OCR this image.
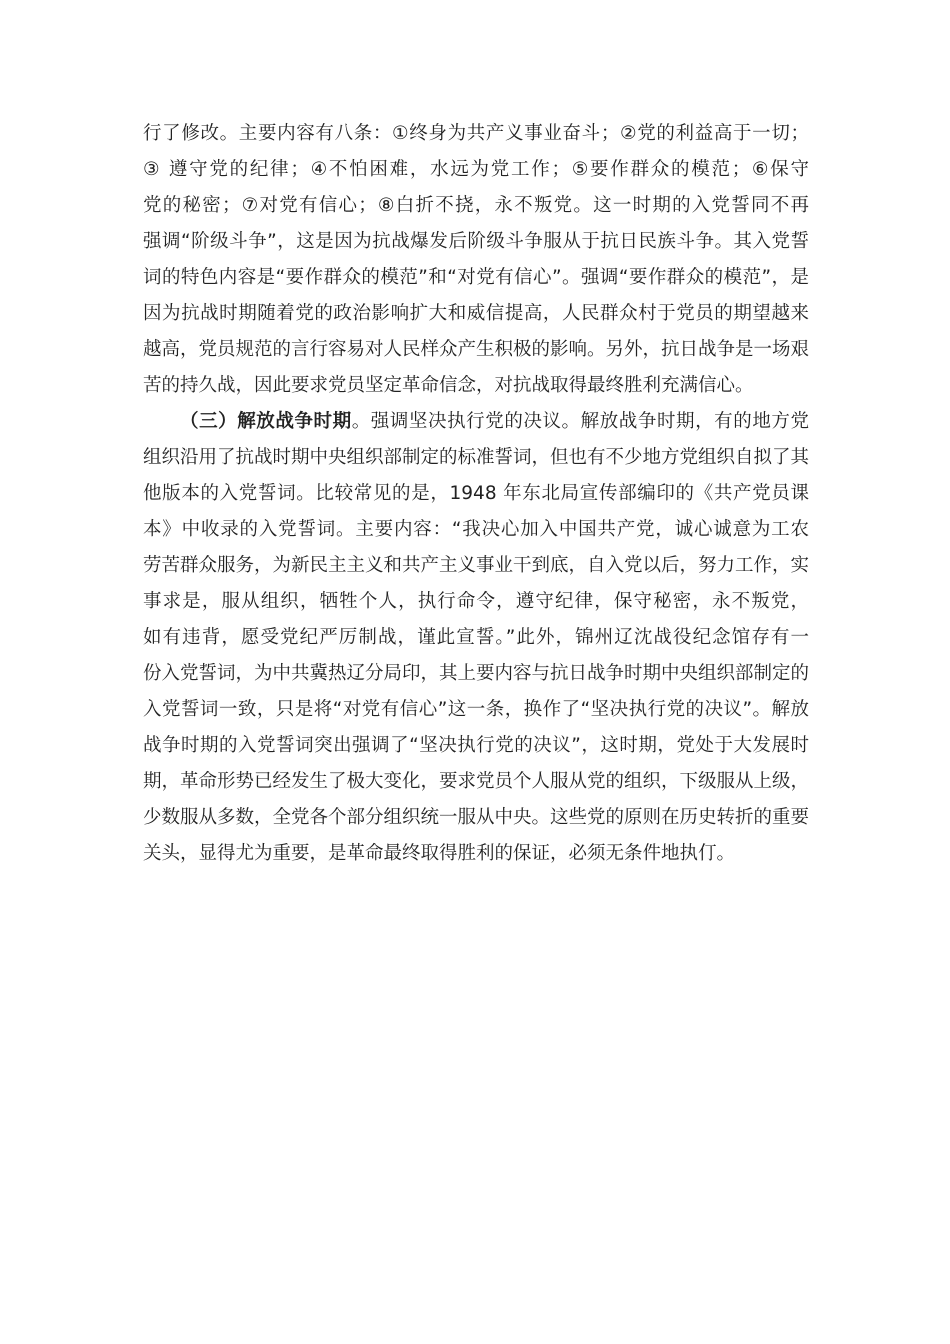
行了修改。主要内容有八条：①终身为共产义事业奋斗；②党的利益高于一切；
③ 遵守党的纪律；④不怕困难，水远为党工作；⑤要作群众的模范；⑥保守
党的秘密；⑦对党有信心；⑧白折不挠，永不叛党。这一时期的入党誓同不再
强调“阶级斗争”，这是因为抗战爆发后阶级斗争服从于抗日民族斗争。其入党誓
词的特色内容是“要作群众的模范”和“对党有信心”。强调“要作群众的模范”，是
因为抗战时期随着党的政治影响扩大和威信提高，人民群众村于党员的期望越来
越高，党员规范的言行容易对人民样众产生积极的影响。另外，抗日战争是一场艰
苦的持久战，因此要求党员坚定革命信念，对抗战取得最终胜利充满信心。
（三）解放战争时期。强调坚决执行党的决议。解放战争时期，有的地方党
组织沿用了抗战时期中央组织部制定的标准誓词，但也有不少地方党组织自拟了其
他版本的入党誓词。比较常见的是，1948 年东北局宣传部编印的《共产党员课
本》中收录的入党誓词。主要内容：“我决心加入中国共产党，诚心诚意为工农
劳苦群众服务，为新民主主义和共产主义事业干到底，自入党以后，努力工作，实
事求是，服从组织，牺牲个人，执行命令，遵守纪律，保守秘密，永不叛党，
如有违背，愿受党纪严厉制战，谨此宣誓。”此外，锦州辽沈战役纪念馆存有一
份入党誓词，为中共冀热辽分局印，其上要内容与抗日战争时期中央组织部制定的
入党誓词一致，只是将“对党有信心”这一条，换作了“坚决执行党的决议”。解放
战争时期的入党誓词突出强调了“坚决执行党的决议”，这时期，党处于大发展时
期，革命形势已经发生了极大变化，要求党员个人服从党的组织，下级服从上级，
少数服从多数，全党各个部分组织统一服从中央。这些党的原则在历史转折的重要
关头，显得尤为重要，是革命最终取得胜利的保证，必须无条件地执仃。
